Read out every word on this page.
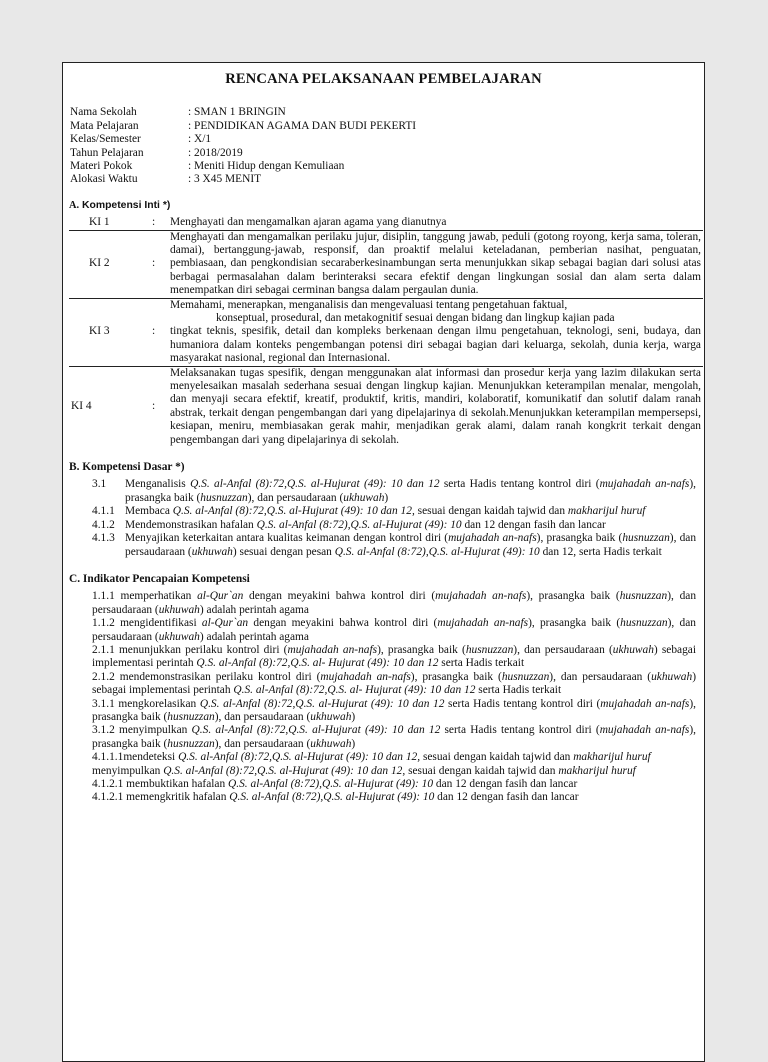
RENCANA PELAKSANAAN PEMBELAJARAN
Nama Sekolah	: SMAN 1 BRINGIN
Mata Pelajaran	: PENDIDIKAN AGAMA DAN BUDI PEKERTI
Kelas/Semester	: X/1
Tahun Pelajaran	: 2018/2019
Materi Pokok	: Meniti Hidup dengan Kemuliaan
Alokasi Waktu	: 3 X45 MENIT
A. Kompetensi Inti *)
KI 1	:	Menghayati dan mengamalkan ajaran agama yang dianutnya
KI 2	:	Menghayati dan mengamalkan perilaku jujur, disiplin, tanggung jawab, peduli (gotong royong, kerja sama, toleran, damai), bertanggung-jawab, responsif, dan proaktif melalui keteladanan, pemberian nasihat, penguatan, pembiasaan, dan pengkondisian secaraberkesinambungan serta menunjukkan sikap sebagai bagian dari solusi atas berbagai permasalahan dalam berinteraksi secara efektif dengan lingkungan sosial dan alam serta dalam menempatkan diri sebagai cerminan bangsa dalam pergaulan dunia.
KI 3	:	Memahami, menerapkan, menganalisis dan mengevaluasi tentang pengetahuan faktual,
konseptual, prosedural, dan metakognitif sesuai dengan bidang dan lingkup kajian pada
tingkat teknis, spesifik, detail dan kompleks berkenaan dengan ilmu pengetahuan, teknologi, seni, budaya, dan humaniora dalam konteks pengembangan potensi diri sebagai bagian dari keluarga, sekolah, dunia kerja, warga masyarakat nasional, regional dan Internasional.
KI 4	:	Melaksanakan tugas spesifik, dengan menggunakan alat informasi dan prosedur kerja yang lazim dilakukan serta menyelesaikan masalah sederhana sesuai dengan lingkup kajian. Menunjukkan keterampilan menalar, mengolah, dan menyaji secara efektif, kreatif, produktif, kritis, mandiri, kolaboratif, komunikatif dan solutif dalam ranah abstrak, terkait dengan pengembangan dari yang dipelajarinya di sekolah.Menunjukkan keterampilan mempersepsi, kesiapan, meniru, membiasakan gerak mahir, menjadikan gerak alami, dalam ranah kongkrit terkait dengan pengembangan dari yang dipelajarinya di sekolah.
B. Kompetensi Dasar *)
3.1	Menganalisis Q.S. al-Anfal (8):72,Q.S. al-Hujurat (49): 10 dan 12 serta Hadis tentang kontrol diri (mujahadah an-nafs), prasangka baik (husnuzzan), dan persaudaraan (ukhuwah)
4.1.1 Membaca Q.S. al-Anfal (8):72,Q.S. al-Hujurat (49): 10 dan 12, sesuai dengan kaidah tajwid dan makharijul huruf
4.1.2 Mendemonstrasikan hafalan Q.S. al-Anfal (8:72),Q.S. al-Hujurat (49): 10 dan 12 dengan fasih dan lancar
4.1.3 Menyajikan keterkaitan antara kualitas keimanan dengan kontrol diri (mujahadah an-nafs), prasangka baik (husnuzzan), dan persaudaraan (ukhuwah) sesuai dengan pesan Q.S. al-Anfal (8:72),Q.S. al-Hujurat (49): 10 dan 12, serta Hadis terkait
C. Indikator Pencapaian Kompetensi

1.1.1 memperhatikan al-Qur`an dengan meyakini bahwa kontrol diri (mujahadah an-nafs), prasangka baik (husnuzzan), dan persaudaraan (ukhuwah) adalah perintah agama

1.1.2 mengidentifikasi al-Qur`an dengan meyakini bahwa kontrol diri (mujahadah an-nafs), prasangka baik (husnuzzan), dan persaudaraan (ukhuwah) adalah perintah agama

2.1.1 menunjukkan perilaku kontrol diri (mujahadah an-nafs), prasangka baik (husnuzzan), dan persaudaraan (ukhuwah) sebagai implementasi perintah Q.S. al-Anfal (8):72,Q.S. al- Hujurat (49): 10 dan 12 serta Hadis terkait

2.1.2 mendemonstrasikan perilaku kontrol diri (mujahadah an-nafs), prasangka baik (husnuzzan), dan persaudaraan (ukhuwah) sebagai implementasi perintah Q.S. al-Anfal (8):72,Q.S. al- Hujurat (49): 10 dan 12 serta Hadis terkait

3.1.1 mengkorelasikan Q.S. al-Anfal (8):72,Q.S. al-Hujurat (49): 10 dan 12 serta Hadis tentang kontrol diri (mujahadah an-nafs), prasangka baik (husnuzzan), dan persaudaraan (ukhuwah)

3.1.2 menyimpulkan Q.S. al-Anfal (8):72,Q.S. al-Hujurat (49): 10 dan 12 serta Hadis tentang kontrol diri (mujahadah an-nafs), prasangka baik (husnuzzan), dan persaudaraan (ukhuwah)

4.1.1.1mendeteksi Q.S. al-Anfal (8):72,Q.S. al-Hujurat (49): 10 dan 12, sesuai dengan kaidah tajwid dan makharijul huruf

menyimpulkan Q.S. al-Anfal (8):72,Q.S. al-Hujurat (49): 10 dan 12, sesuai dengan kaidah tajwid dan makharijul huruf

4.1.2.1 membuktikan hafalan Q.S. al-Anfal (8:72),Q.S. al-Hujurat (49): 10 dan 12 dengan fasih dan lancar

4.1.2.1 memengkritik hafalan Q.S. al-Anfal (8:72),Q.S. al-Hujurat (49): 10 dan 12 dengan fasih dan lancar
